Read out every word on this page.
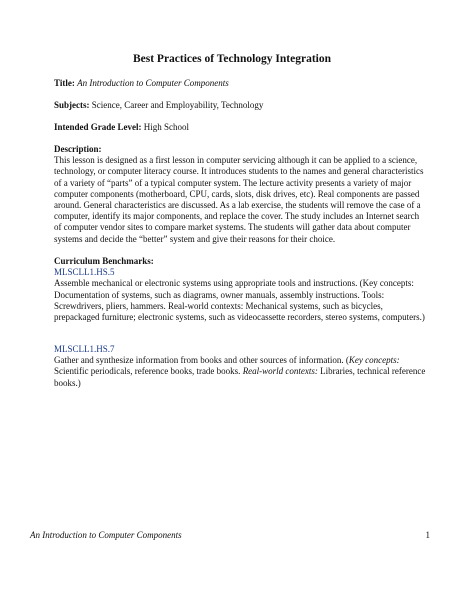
Best Practices of Technology Integration
Title: An Introduction to Computer Components
Subjects: Science, Career and Employability, Technology
Intended Grade Level: High School
Description:
This lesson is designed as a first lesson in computer servicing although it can be applied to a science, technology, or computer literacy course. It introduces students to the names and general characteristics of a variety of “parts” of a typical computer system. The lecture activity presents a variety of major computer components (motherboard, CPU, cards, slots, disk drives, etc). Real components are passed around. General characteristics are discussed. As a lab exercise, the students will remove the case of a computer, identify its major components, and replace the cover. The study includes an Internet search of computer vendor sites to compare market systems. The students will gather data about computer systems and decide the “better” system and give their reasons for their choice.
Curriculum Benchmarks:
MLSCLL1.HS.5
Assemble mechanical or electronic systems using appropriate tools and instructions. (Key concepts: Documentation of systems, such as diagrams, owner manuals, assembly instructions. Tools: Screwdrivers, pliers, hammers. Real-world contexts: Mechanical systems, such as bicycles, prepackaged furniture; electronic systems, such as videocassette recorders, stereo systems, computers.)
MLSCLL1.HS.7
Gather and synthesize information from books and other sources of information. (Key concepts: Scientific periodicals, reference books, trade books. Real-world contexts: Libraries, technical reference books.)
An Introduction to Computer Components	1
